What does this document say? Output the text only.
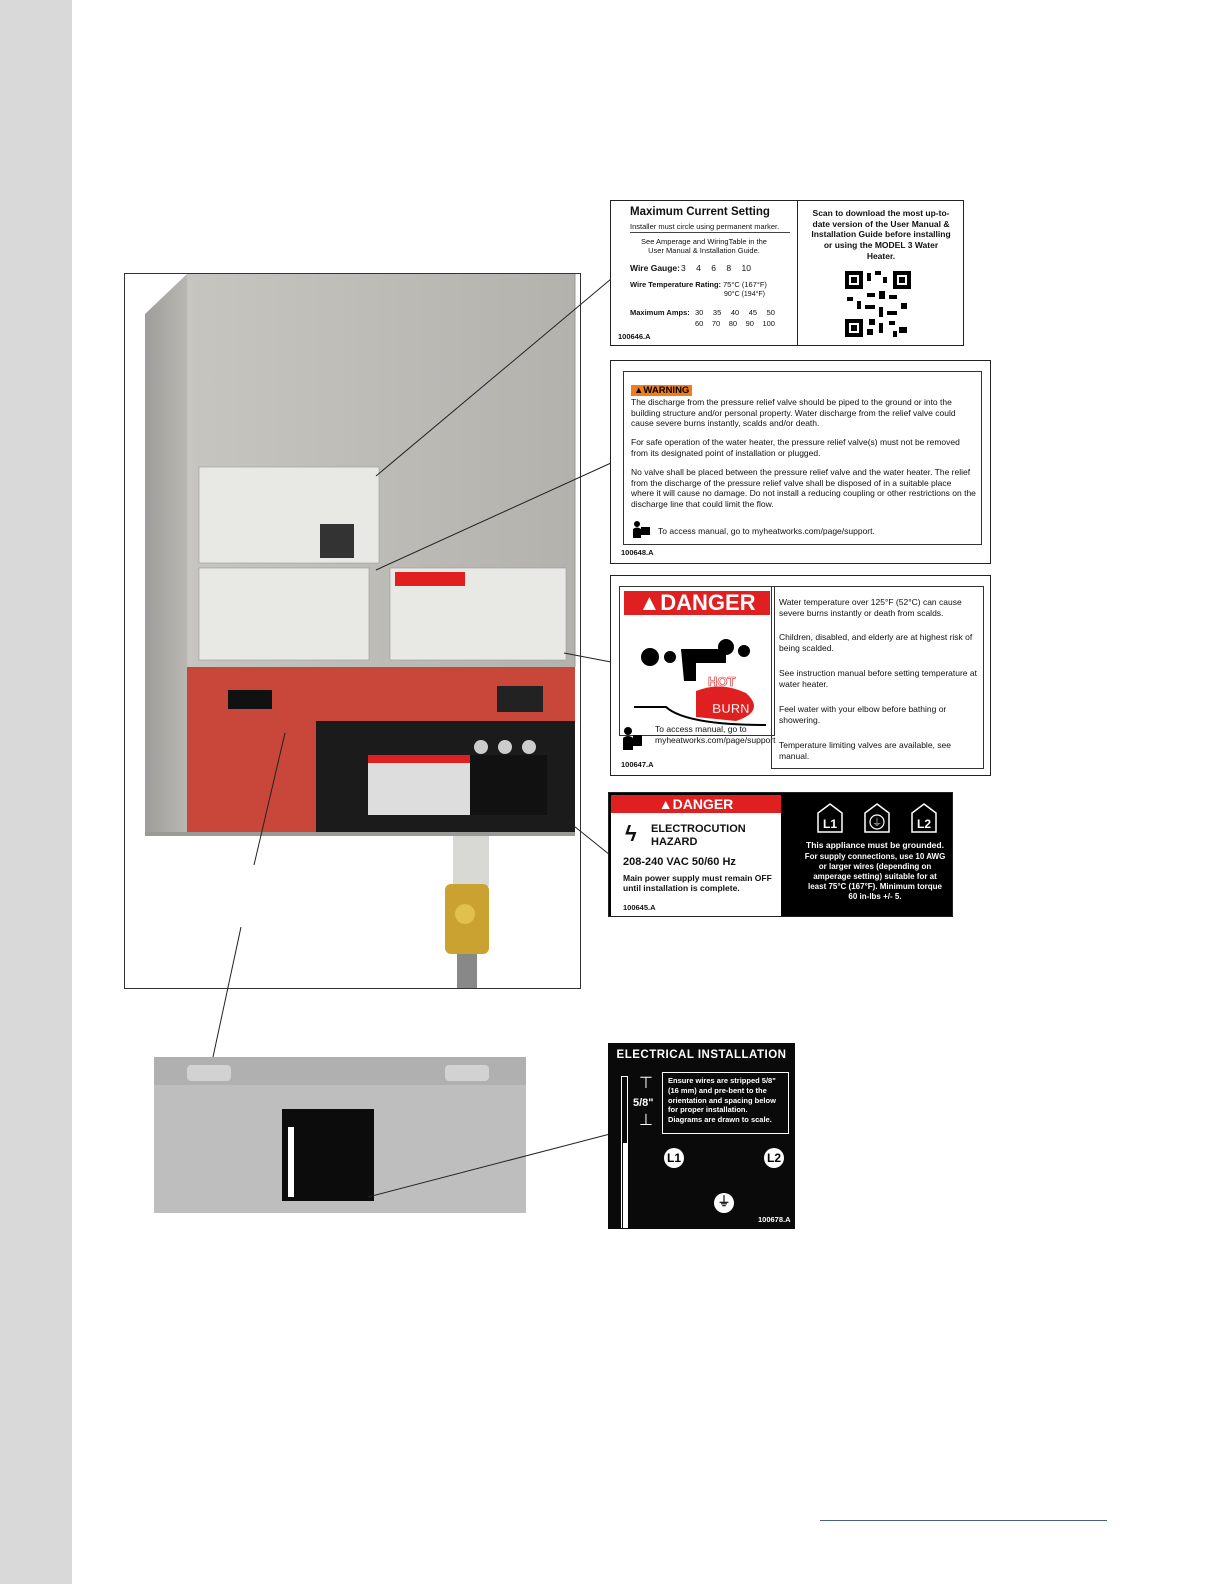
Maximum Current Setting
Installer must circle using permanent marker.
See Amperage and WiringTable in the User Manual & Installation Guide.
Wire Gauge: 3 4 6 8 10
Wire Temperature Rating: 75°C (167°F)
90°C (194°F)
Maximum Amps: 30 35 40 45 50
60 70 80 90 100
100646.A
Scan to download the most up-to-date version of the User Manual & Installation Guide before installing or using the MODEL 3 Water Heater.
▲WARNING
The discharge from the pressure relief valve should be piped to the ground or into the building structure and/or personal property. Water discharge from the relief valve could cause severe burns instantly, scalds and/or death.
For safe operation of the water heater, the pressure relief valve(s) must not be removed from its designated point of installation or plugged.
No valve shall be placed between the pressure relief valve and the water heater. The relief from the discharge of the pressure relief valve shall be disposed of in a suitable place where it will cause no damage. Do not install a reducing coupling or other restrictions on the discharge line that could limit the flow.
To access manual, go to myheatworks.com/page/support.
100648.A
▲DANGER
HOT
BURN
To access manual, go to myheatworks.com/page/support
100647.A
Water temperature over 125°F (52°C) can cause severe burns instantly or death from scalds.
Children, disabled, and elderly are at highest risk of being scalded.
See instruction manual before setting temperature at water heater.
Feel water with your elbow before bathing or showering.
Temperature limiting valves are available, see manual.
▲DANGER
ϟ ELECTROCUTION HAZARD
208-240 VAC 50/60 Hz
Main power supply must remain OFF until installation is complete.
100645.A
L1	⏚	L2
This appliance must be grounded.
For supply connections, use 10 AWG or larger wires (depending on amperage setting) suitable for at least 75°C (167°F). Minimum torque 60 in-lbs +/- 5.
ELECTRICAL INSTALLATION
⊤
5/8"
⊥
Ensure wires are stripped 5/8" (16 mm) and pre-bent to the orientation and spacing below for proper installation. Diagrams are drawn to scale.
L1	L2
⏚
100678.A
